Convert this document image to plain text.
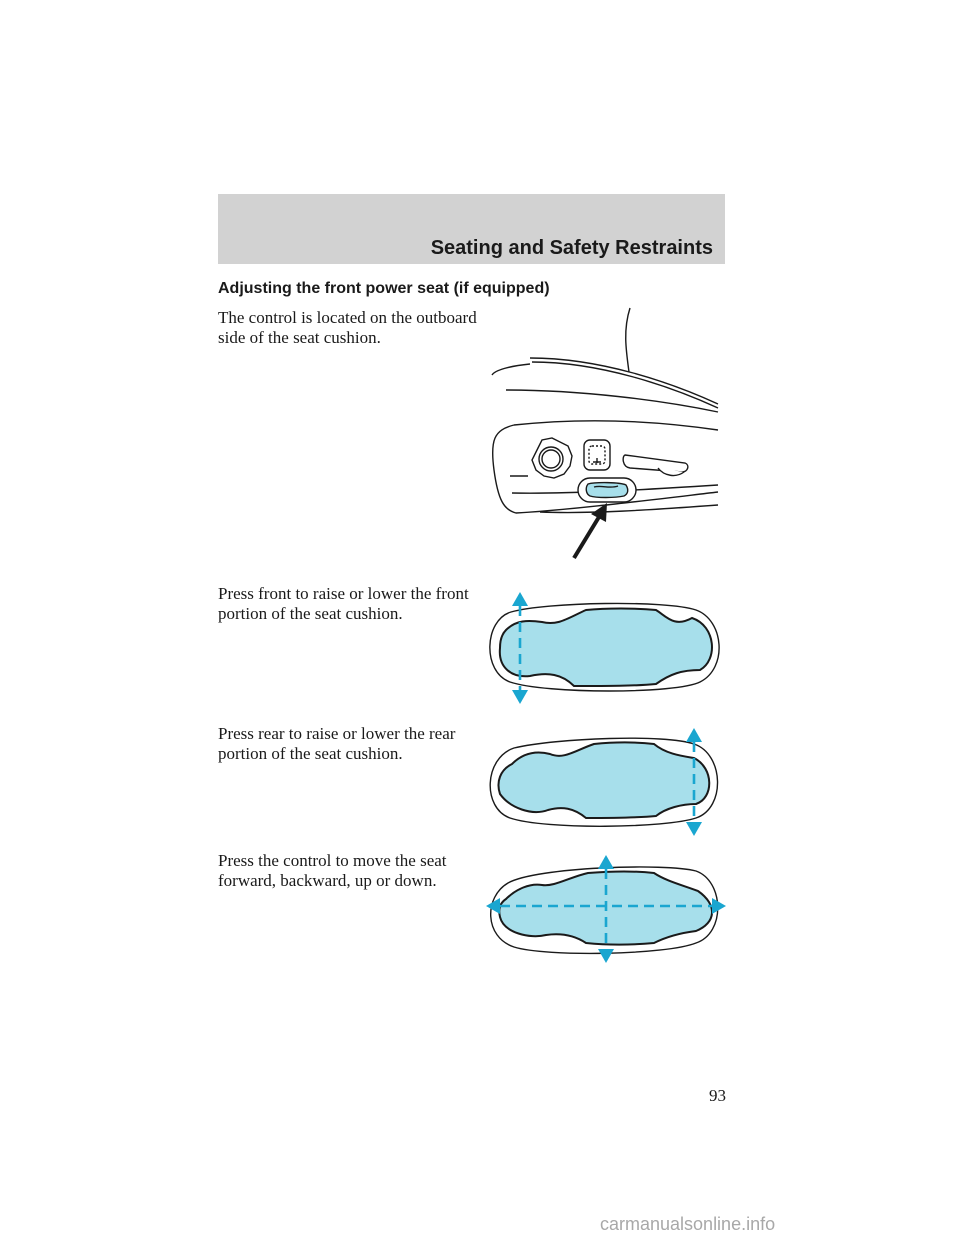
Seating and Safety Restraints
Adjusting the front power seat (if equipped)

The control is located on the outboard side of the seat cushion.

Press front to raise or lower the front portion of the seat cushion.

Press rear to raise or lower the rear portion of the seat cushion.

Press the control to move the seat forward, backward, up or down.

93
carmanualsonline.info
